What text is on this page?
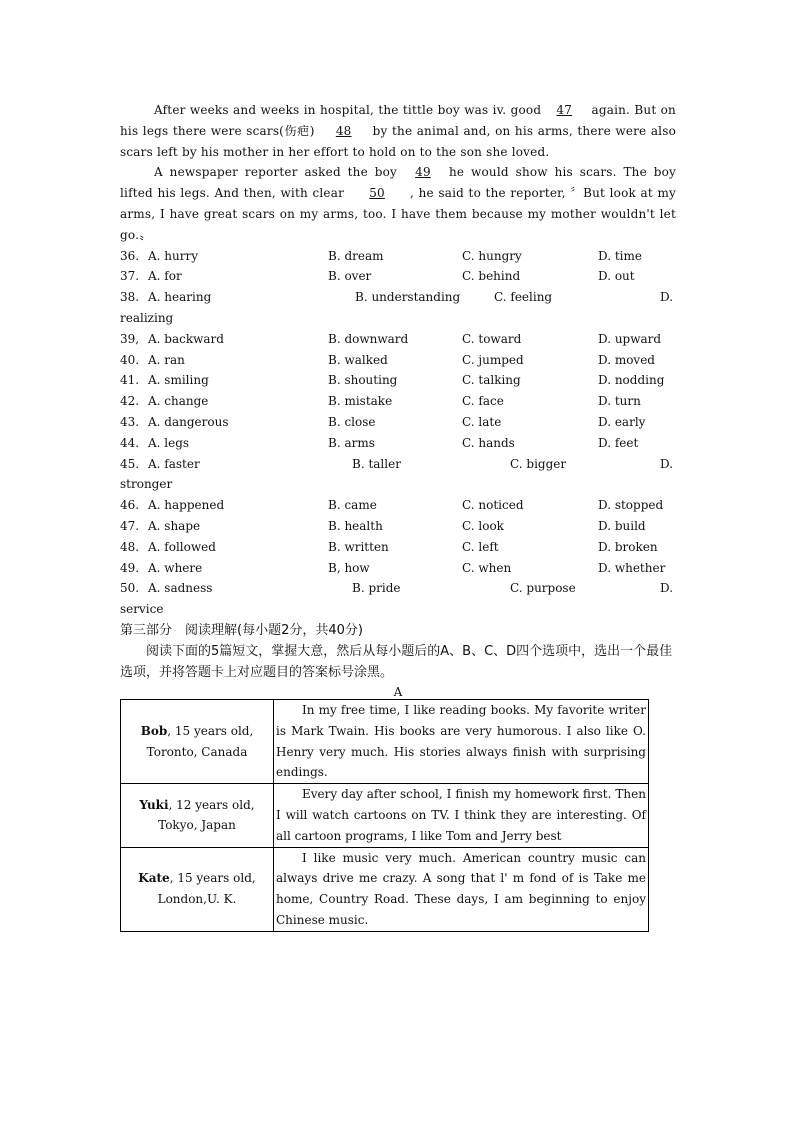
After weeks and weeks in hospital, the tittle boy was iv. good 47 again. But on his legs there were scars(伤疤) 48 by the animal and, on his arms, there were also scars left by his mother in her effort to hold on to the son she loved.
A newspaper reporter asked the boy 49 he would show his scars. The boy lifted his legs. And then, with clear 50 , he said to the reporter, 〞But look at my arms, I have great scars on my arms, too. I have them because my mother wouldn't let go.〟
36. A. hurry	B. dream	C. hungry	D. time
37. A. for	B. over	C. behind	D. out
38. A. hearing	B. understanding	C. feeling	D.
realizing
39, A. backward	B. downward	C. toward	D. upward
40. A. ran	B. walked	C. jumped	D. moved
41. A. smiling	B. shouting	C. talking	D. nodding
42. A. change	B. mistake	C. face	D. turn
43. A. dangerous	B. close	C. late	D. early
44. A. legs	B. arms	C. hands	D. feet
45. A. faster	B. taller	C. bigger	D.
stronger
46. A. happened	B. came	C. noticed	D. stopped
47. A. shape	B. health	C. look	D. build
48. A. followed	B. written	C. left	D. broken
49. A. where	B, how	C. when	D. whether
50. A. sadness	B. pride	C. purpose	D.
service
第三部分　阅读理解(每小题2分，共40分)
阅读下面的5篇短文，掌握大意，然后从每小题后的A、B、C、D四个选项中，选出一个最佳选项，并将答题卡上对应题目的答案标号涂黑。
A
Bob, 15 years old,
Toronto, Canada	In my free time, I like reading books. My favorite writer is Mark Twain. His books are very humorous. I also like O. Henry very much. His stories always finish with surprising endings.

Yuki, 12 years old,
Tokyo, Japan	Every day after school, I finish my homework first. Then I will watch cartoons on TV. I think they are interesting. Of all cartoon programs, I like Tom and Jerry best

Kate, 15 years old,
London,U. K.	I like music very much. American country music can always drive me crazy. A song that l' m fond of is Take me home, Country Road. These days, I am beginning to enjoy Chinese music.
